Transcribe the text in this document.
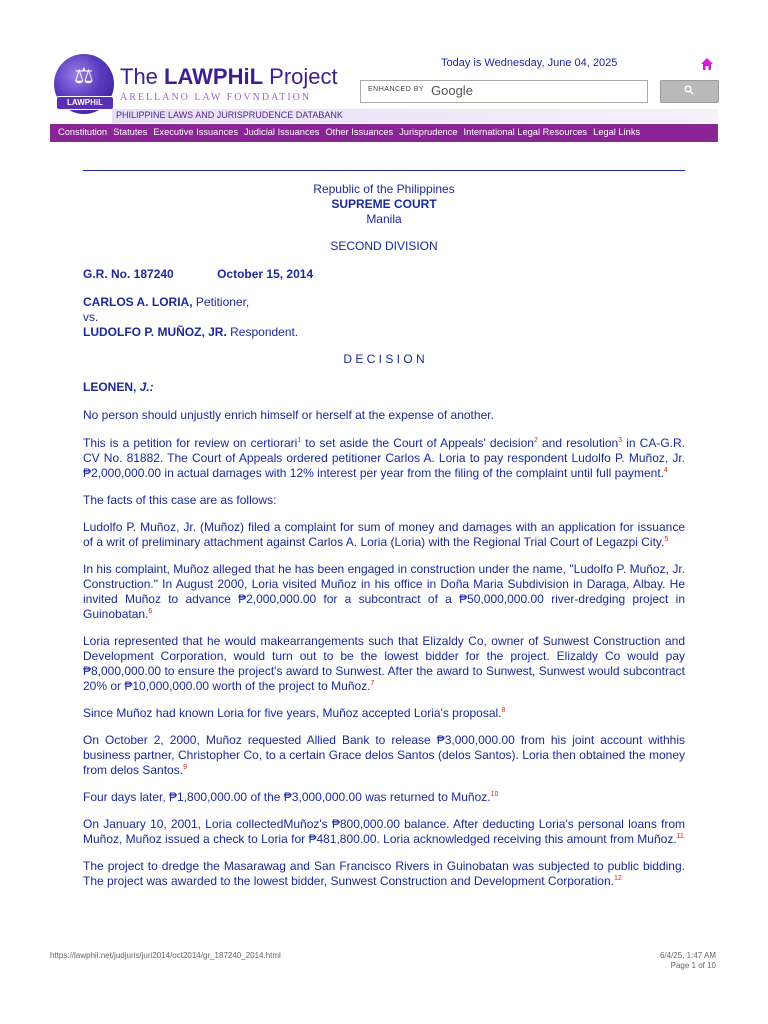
⚖
LAWPHiL
The LAWPHiL Project
ARELLANO LAW FOVNDATION
PHILIPPINE LAWS AND JURISPRUDENCE DATABANK
Today is Wednesday, June 04, 2025
ENHANCED BY Google
Constitution Statutes Executive Issuances Judicial Issuances Other Issuances Jurisprudence International Legal Resources Legal Links
Republic of the Philippines
SUPREME COURT
Manila
SECOND DIVISION
G.R. No. 187240	October 15, 2014
CARLOS A. LORIA, Petitioner,
vs.
LUDOLFO P. MUÑOZ, JR. Respondent.
D E C I S I O N
LEONEN, J.:

No person should unjustly enrich himself or herself at the expense of another.

This is a petition for review on certiorari$^1$ to set aside the Court of Appeals' decision$^2$ and resolution$^3$ in CA-G.R. CV No. 81882. The Court of Appeals ordered petitioner Carlos A. Loria to pay respondent Ludolfo P. Muñoz, Jr. ₱2,000,000.00 in actual damages with 12% interest per year from the filing of the complaint until full payment.$^4$

The facts of this case are as follows:

Ludolfo P. Muñoz, Jr. (Muñoz) filed a complaint for sum of money and damages with an application for issuance of a writ of preliminary attachment against Carlos A. Loria (Loria) with the Regional Trial Court of Legazpi City.$^5$

In his complaint, Muñoz alleged that he has been engaged in construction under the name, "Ludolfo P. Muñoz, Jr. Construction." In August 2000, Loria visited Muñoz in his office in Doña Maria Subdivision in Daraga, Albay. He invited Muñoz to advance ₱2,000,000.00 for a subcontract of a ₱50,000,000.00 river-dredging project in Guinobatan.$^6$

Loria represented that he would makearrangements such that Elizaldy Co, owner of Sunwest Construction and Development Corporation, would turn out to be the lowest bidder for the project. Elizaldy Co would pay ₱8,000,000.00 to ensure the project's award to Sunwest. After the award to Sunwest, Sunwest would subcontract 20% or ₱10,000,000.00 worth of the project to Muñoz.$^7$

Since Muñoz had known Loria for five years, Muñoz accepted Loria's proposal.$^8$

On October 2, 2000, Muñoz requested Allied Bank to release ₱3,000,000.00 from his joint account withhis business partner, Christopher Co, to a certain Grace delos Santos (delos Santos). Loria then obtained the money from delos Santos.$^9$

Four days later, ₱1,800,000.00 of the ₱3,000,000.00 was returned to Muñoz.$^{10}$

On January 10, 2001, Loria collectedMuñoz's ₱800,000.00 balance. After deducting Loria's personal loans from Muñoz, Muñoz issued a check to Loria for ₱481,800.00. Loria acknowledged receiving this amount from Muñoz.$^{11}$

The project to dredge the Masarawag and San Francisco Rivers in Guinobatan was subjected to public bidding. The project was awarded to the lowest bidder, Sunwest Construction and Development Corporation.$^{12}$

https://lawphil.net/judjuris/juri2014/oct2014/gr_187240_2014.html	6/4/25, 1:47 AM
Page 1 of 10
